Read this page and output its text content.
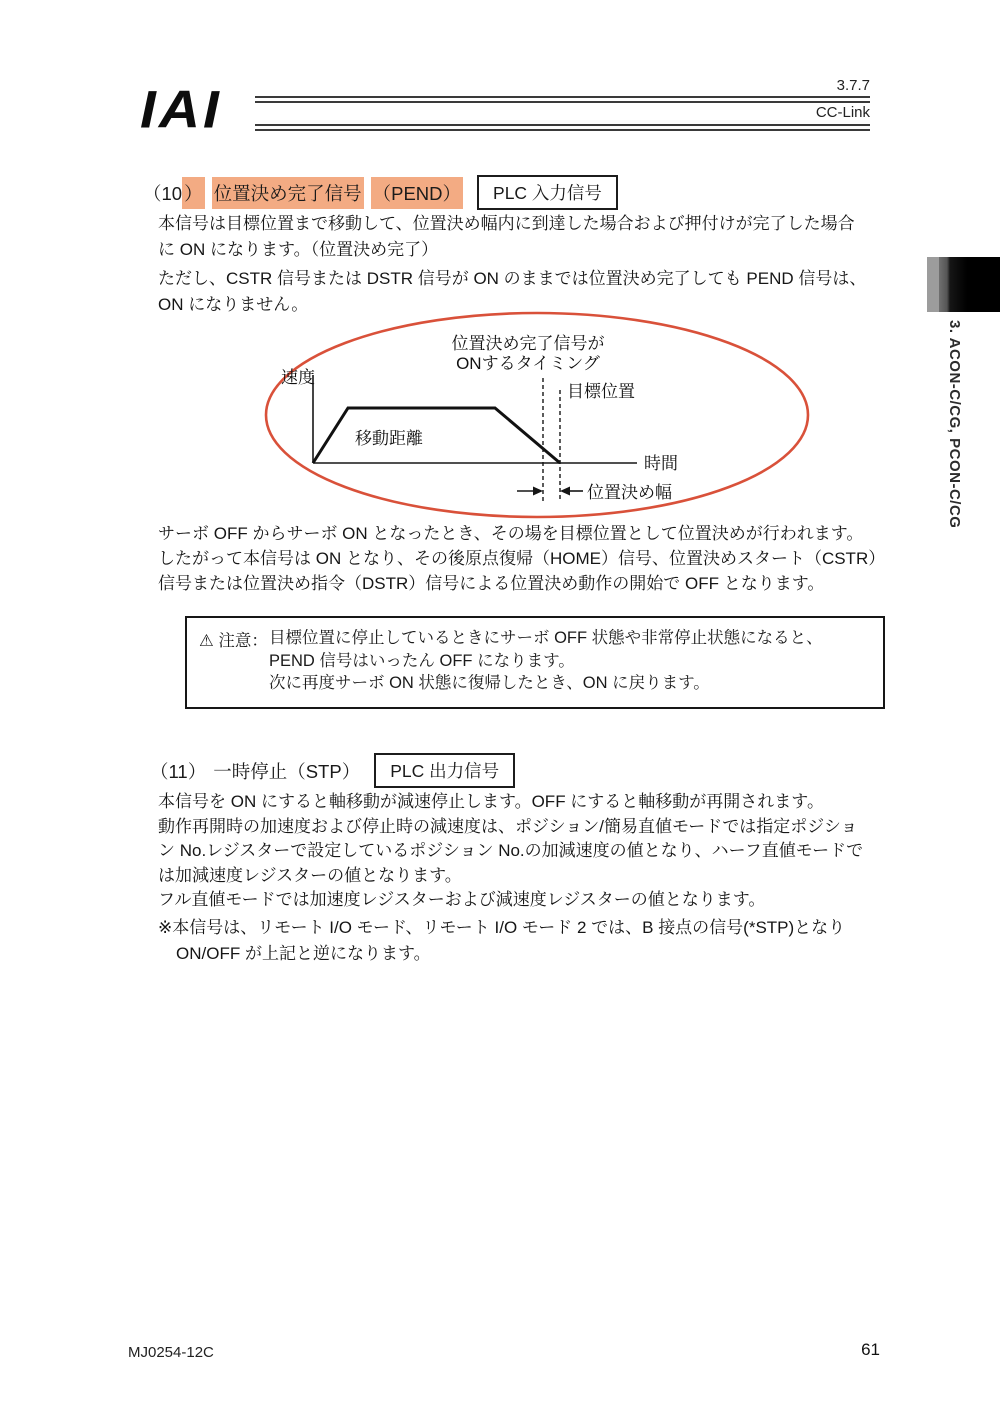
IAI	3.7.7
CC-Link
3. ACON-C/CG, PCON-C/CG
（10 ） 位置決め完了信号 （PEND）	PLC 入力信号
本信号は目標位置まで移動して、位置決め幅内に到達した場合および押付けが完了した場合
に ON になります。（位置決め完了）
ただし、CSTR 信号または DSTR 信号が ON のままでは位置決め完了しても PEND 信号は、
ON になりません。
位置決め完了信号が
ONするタイミング
速度
目標位置
移動距離
時間
位置決め幅
サーボ OFF からサーボ ON となったとき、その場を目標位置として位置決めが行われます。
したがって本信号は ON となり、その後原点復帰（HOME）信号、位置決めスタート（CSTR）
信号または位置決め指令（DSTR）信号による位置決め動作の開始で OFF となります。
⚠ 注意： 目標位置に停止しているときにサーボ OFF 状態や非常停止状態になると、
PEND 信号はいったん OFF になります。
次に再度サーボ ON 状態に復帰したとき、ON に戻ります。
（11） 一時停止（STP）	PLC 出力信号
本信号を ON にすると軸移動が減速停止します。OFF にすると軸移動が再開されます。
動作再開時の加速度および停止時の減速度は、ポジション/簡易直値モードでは指定ポジショ
ン No.レジスターで設定しているポジション No.の加減速度の値となり、ハーフ直値モードで
は加減速度レジスターの値となります。
フル直値モードでは加速度レジスターおよび減速度レジスターの値となります。
※本信号は、リモート I/O モード、リモート I/O モード 2 では、B 接点の信号(*STP)となり
ON/OFF が上記と逆になります。
MJ0254-12C	61
